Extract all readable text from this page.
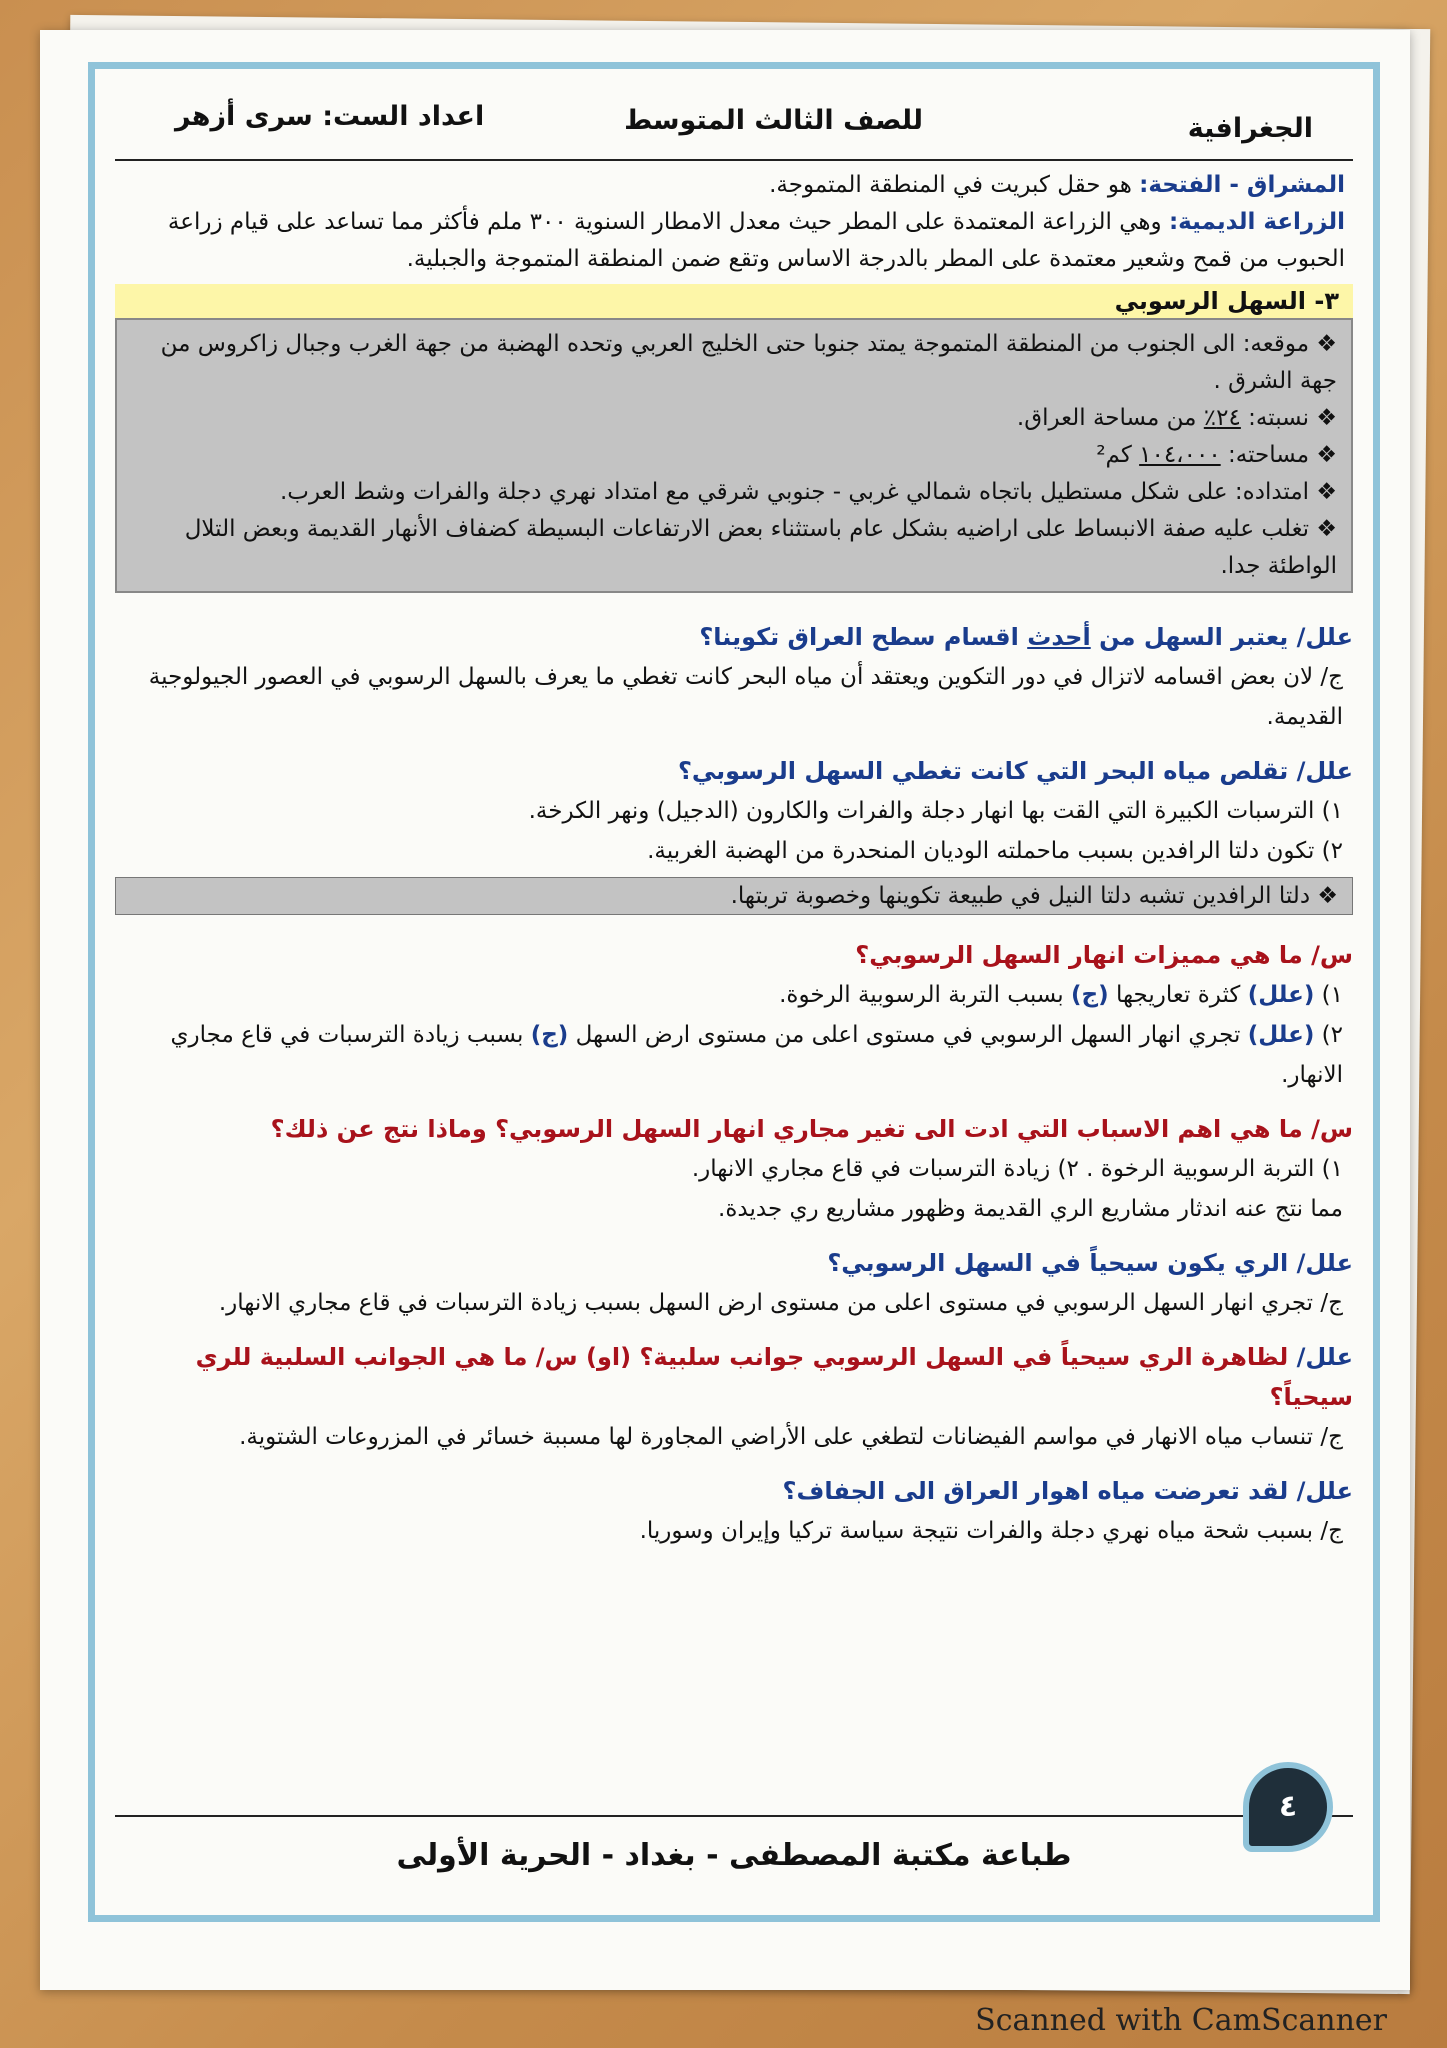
الجغرافية
للصف الثالث المتوسط
اعداد الست: سرى أزهر
المشراق - الفتحة: هو حقل كبريت في المنطقة المتموجة.
الزراعة الديمية: وهي الزراعة المعتمدة على المطر حيث معدل الامطار السنوية ٣٠٠ ملم فأكثر مما تساعد على قيام زراعة الحبوب من قمح وشعير معتمدة على المطر بالدرجة الاساس وتقع ضمن المنطقة المتموجة والجبلية.
٣- السهل الرسوبي
❖ موقعه: الى الجنوب من المنطقة المتموجة يمتد جنوبا حتى الخليج العربي وتحده الهضبة من جهة الغرب وجبال زاكروس من جهة الشرق .
❖ نسبته: ٢٤٪ من مساحة العراق.
❖ مساحته: ١٠٤،٠٠٠ كم²
❖ امتداده: على شكل مستطيل باتجاه شمالي غربي - جنوبي شرقي مع امتداد نهري دجلة والفرات وشط العرب.
❖ تغلب عليه صفة الانبساط على اراضيه بشكل عام باستثناء بعض الارتفاعات البسيطة كضفاف الأنهار القديمة وبعض التلال الواطئة جدا.
علل/ يعتبر السهل من أحدث اقسام سطح العراق تكوينا؟
ج/ لان بعض اقسامه لاتزال في دور التكوين ويعتقد أن مياه البحر كانت تغطي ما يعرف بالسهل الرسوبي في العصور الجيولوجية القديمة.
علل/ تقلص مياه البحر التي كانت تغطي السهل الرسوبي؟
١) الترسبات الكبيرة التي القت بها انهار دجلة والفرات والكارون (الدجيل) ونهر الكرخة.
٢) تكون دلتا الرافدين بسبب ماحملته الوديان المنحدرة من الهضبة الغربية.
❖ دلتا الرافدين تشبه دلتا النيل في طبيعة تكوينها وخصوبة تربتها.
س/ ما هي مميزات انهار السهل الرسوبي؟
١) (علل) كثرة تعاريجها (ج) بسبب التربة الرسوبية الرخوة.
٢) (علل) تجري انهار السهل الرسوبي في مستوى اعلى من مستوى ارض السهل (ج) بسبب زيادة الترسبات في قاع مجاري الانهار.
س/ ما هي اهم الاسباب التي ادت الى تغير مجاري انهار السهل الرسوبي؟ وماذا نتج عن ذلك؟
١) التربة الرسوبية الرخوة . ٢) زيادة الترسبات في قاع مجاري الانهار.
مما نتج عنه اندثار مشاريع الري القديمة وظهور مشاريع ري جديدة.
علل/ الري يكون سيحياً في السهل الرسوبي؟
ج/ تجري انهار السهل الرسوبي في مستوى اعلى من مستوى ارض السهل بسبب زيادة الترسبات في قاع مجاري الانهار.
علل/ لظاهرة الري سيحياً في السهل الرسوبي جوانب سلبية؟ (او) س/ ما هي الجوانب السلبية للري سيحياً؟
ج/ تنساب مياه الانهار في مواسم الفيضانات لتطغي على الأراضي المجاورة لها مسببة خسائر في المزروعات الشتوية.
علل/ لقد تعرضت مياه اهوار العراق الى الجفاف؟
ج/ بسبب شحة مياه نهري دجلة والفرات نتيجة سياسة تركيا وإيران وسوريا.
٤
طباعة مكتبة المصطفى - بغداد - الحرية الأولى
Scanned with CamScanner
